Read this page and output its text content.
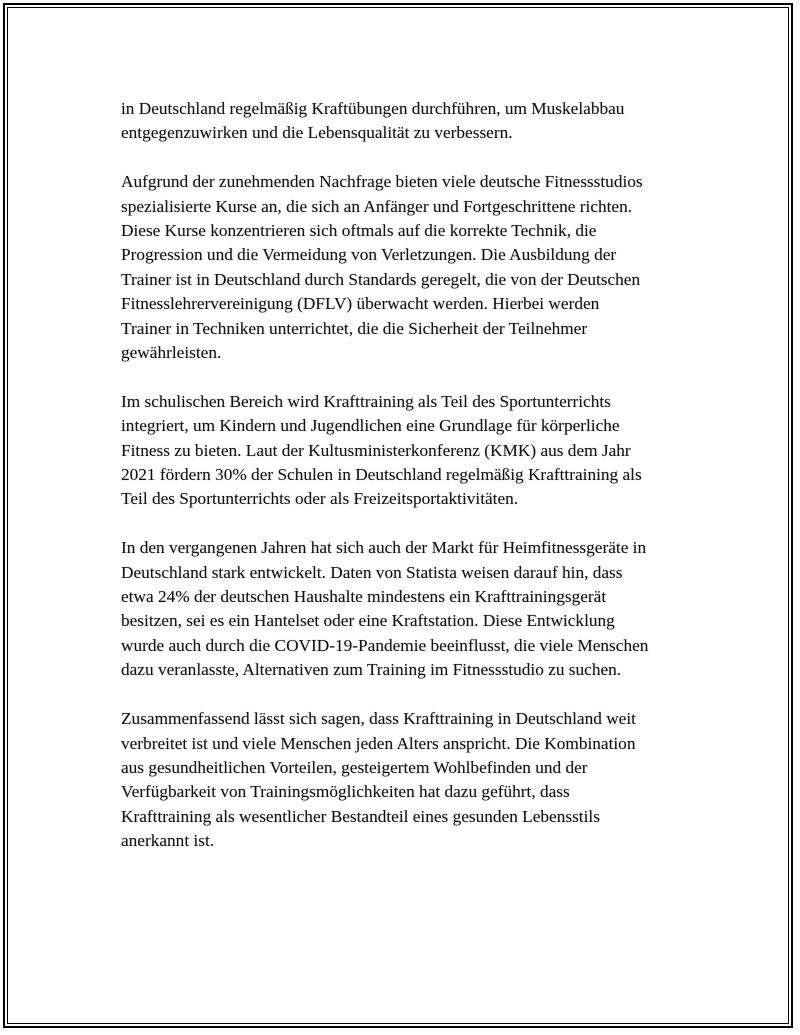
in Deutschland regelmäßig Kraftübungen durchführen, um Muskelabbau
entgegenzuwirken und die Lebensqualität zu verbessern.

Aufgrund der zunehmenden Nachfrage bieten viele deutsche Fitnessstudios
spezialisierte Kurse an, die sich an Anfänger und Fortgeschrittene richten.
Diese Kurse konzentrieren sich oftmals auf die korrekte Technik, die
Progression und die Vermeidung von Verletzungen. Die Ausbildung der
Trainer ist in Deutschland durch Standards geregelt, die von der Deutschen
Fitnesslehrervereinigung (DFLV) überwacht werden. Hierbei werden
Trainer in Techniken unterrichtet, die die Sicherheit der Teilnehmer
gewährleisten.

Im schulischen Bereich wird Krafttraining als Teil des Sportunterrichts
integriert, um Kindern und Jugendlichen eine Grundlage für körperliche
Fitness zu bieten. Laut der Kultusministerkonferenz (KMK) aus dem Jahr
2021 fördern 30% der Schulen in Deutschland regelmäßig Krafttraining als
Teil des Sportunterrichts oder als Freizeitsportaktivitäten.

In den vergangenen Jahren hat sich auch der Markt für Heimfitnessgeräte in
Deutschland stark entwickelt. Daten von Statista weisen darauf hin, dass
etwa 24% der deutschen Haushalte mindestens ein Krafttrainingsgerät
besitzen, sei es ein Hantelset oder eine Kraftstation. Diese Entwicklung
wurde auch durch die COVID-19-Pandemie beeinflusst, die viele Menschen
dazu veranlasste, Alternativen zum Training im Fitnessstudio zu suchen.

Zusammenfassend lässt sich sagen, dass Krafttraining in Deutschland weit
verbreitet ist und viele Menschen jeden Alters anspricht. Die Kombination
aus gesundheitlichen Vorteilen, gesteigertem Wohlbefinden und der
Verfügbarkeit von Trainingsmöglichkeiten hat dazu geführt, dass
Krafttraining als wesentlicher Bestandteil eines gesunden Lebensstils
anerkannt ist.
